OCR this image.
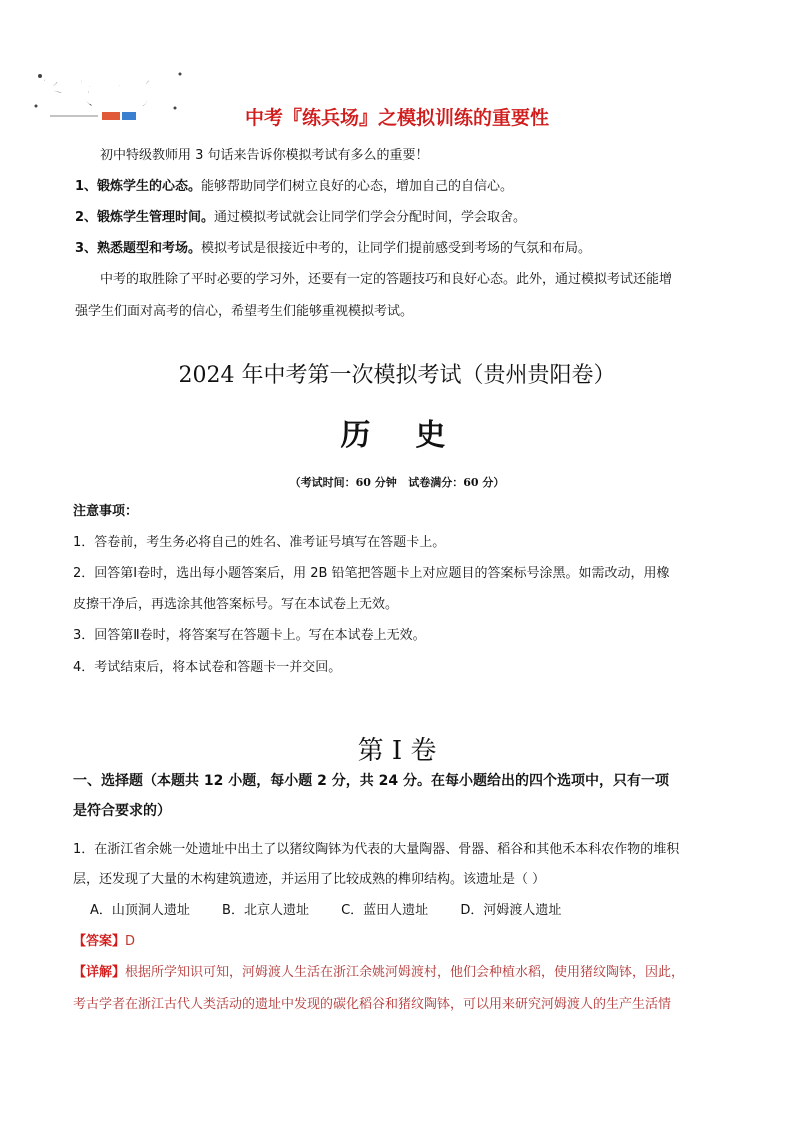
备战中考
中考『练兵场』之模拟训练的重要性
初中特级教师用 3 句话来告诉你模拟考试有多么的重要！
1、锻炼学生的心态。能够帮助同学们树立良好的心态，增加自己的自信心。
2、锻炼学生管理时间。通过模拟考试就会让同学们学会分配时间，学会取舍。
3、熟悉题型和考场。模拟考试是很接近中考的，让同学们提前感受到考场的气氛和布局。
中考的取胜除了平时必要的学习外，还要有一定的答题技巧和良好心态。此外，通过模拟考试还能增
强学生们面对高考的信心，希望考生们能够重视模拟考试。
2024 年中考第一次模拟考试（贵州贵阳卷）
历  史
（考试时间：60 分钟   试卷满分：60 分）
注意事项：
1．答卷前，考生务必将自己的姓名、准考证号填写在答题卡上。
2．回答第Ⅰ卷时，选出每小题答案后，用 2B 铅笔把答题卡上对应题目的答案标号涂黑。如需改动，用橡
皮擦干净后，再选涂其他答案标号。写在本试卷上无效。
3．回答第Ⅱ卷时，将答案写在答题卡上。写在本试卷上无效。
4．考试结束后，将本试卷和答题卡一并交回。
第 I 卷
一、选择题（本题共 12 小题，每小题 2 分，共 24 分。在每小题给出的四个选项中，只有一项
是符合要求的）
1．在浙江省余姚一处遗址中出土了以猪纹陶钵为代表的大量陶器、骨器、稻谷和其他禾本科农作物的堆积
层，还发现了大量的木构建筑遗迹，并运用了比较成熟的榫卯结构。该遗址是（ ）
A．山顶洞人遗址 B．北京人遗址 C．蓝田人遗址 D．河姆渡人遗址
【答案】D
【详解】根据所学知识可知，河姆渡人生活在浙江余姚河姆渡村，他们会种植水稻，使用猪纹陶钵，因此，
考古学者在浙江古代人类活动的遗址中发现的碳化稻谷和猪纹陶钵，可以用来研究河姆渡人的生产生活情
